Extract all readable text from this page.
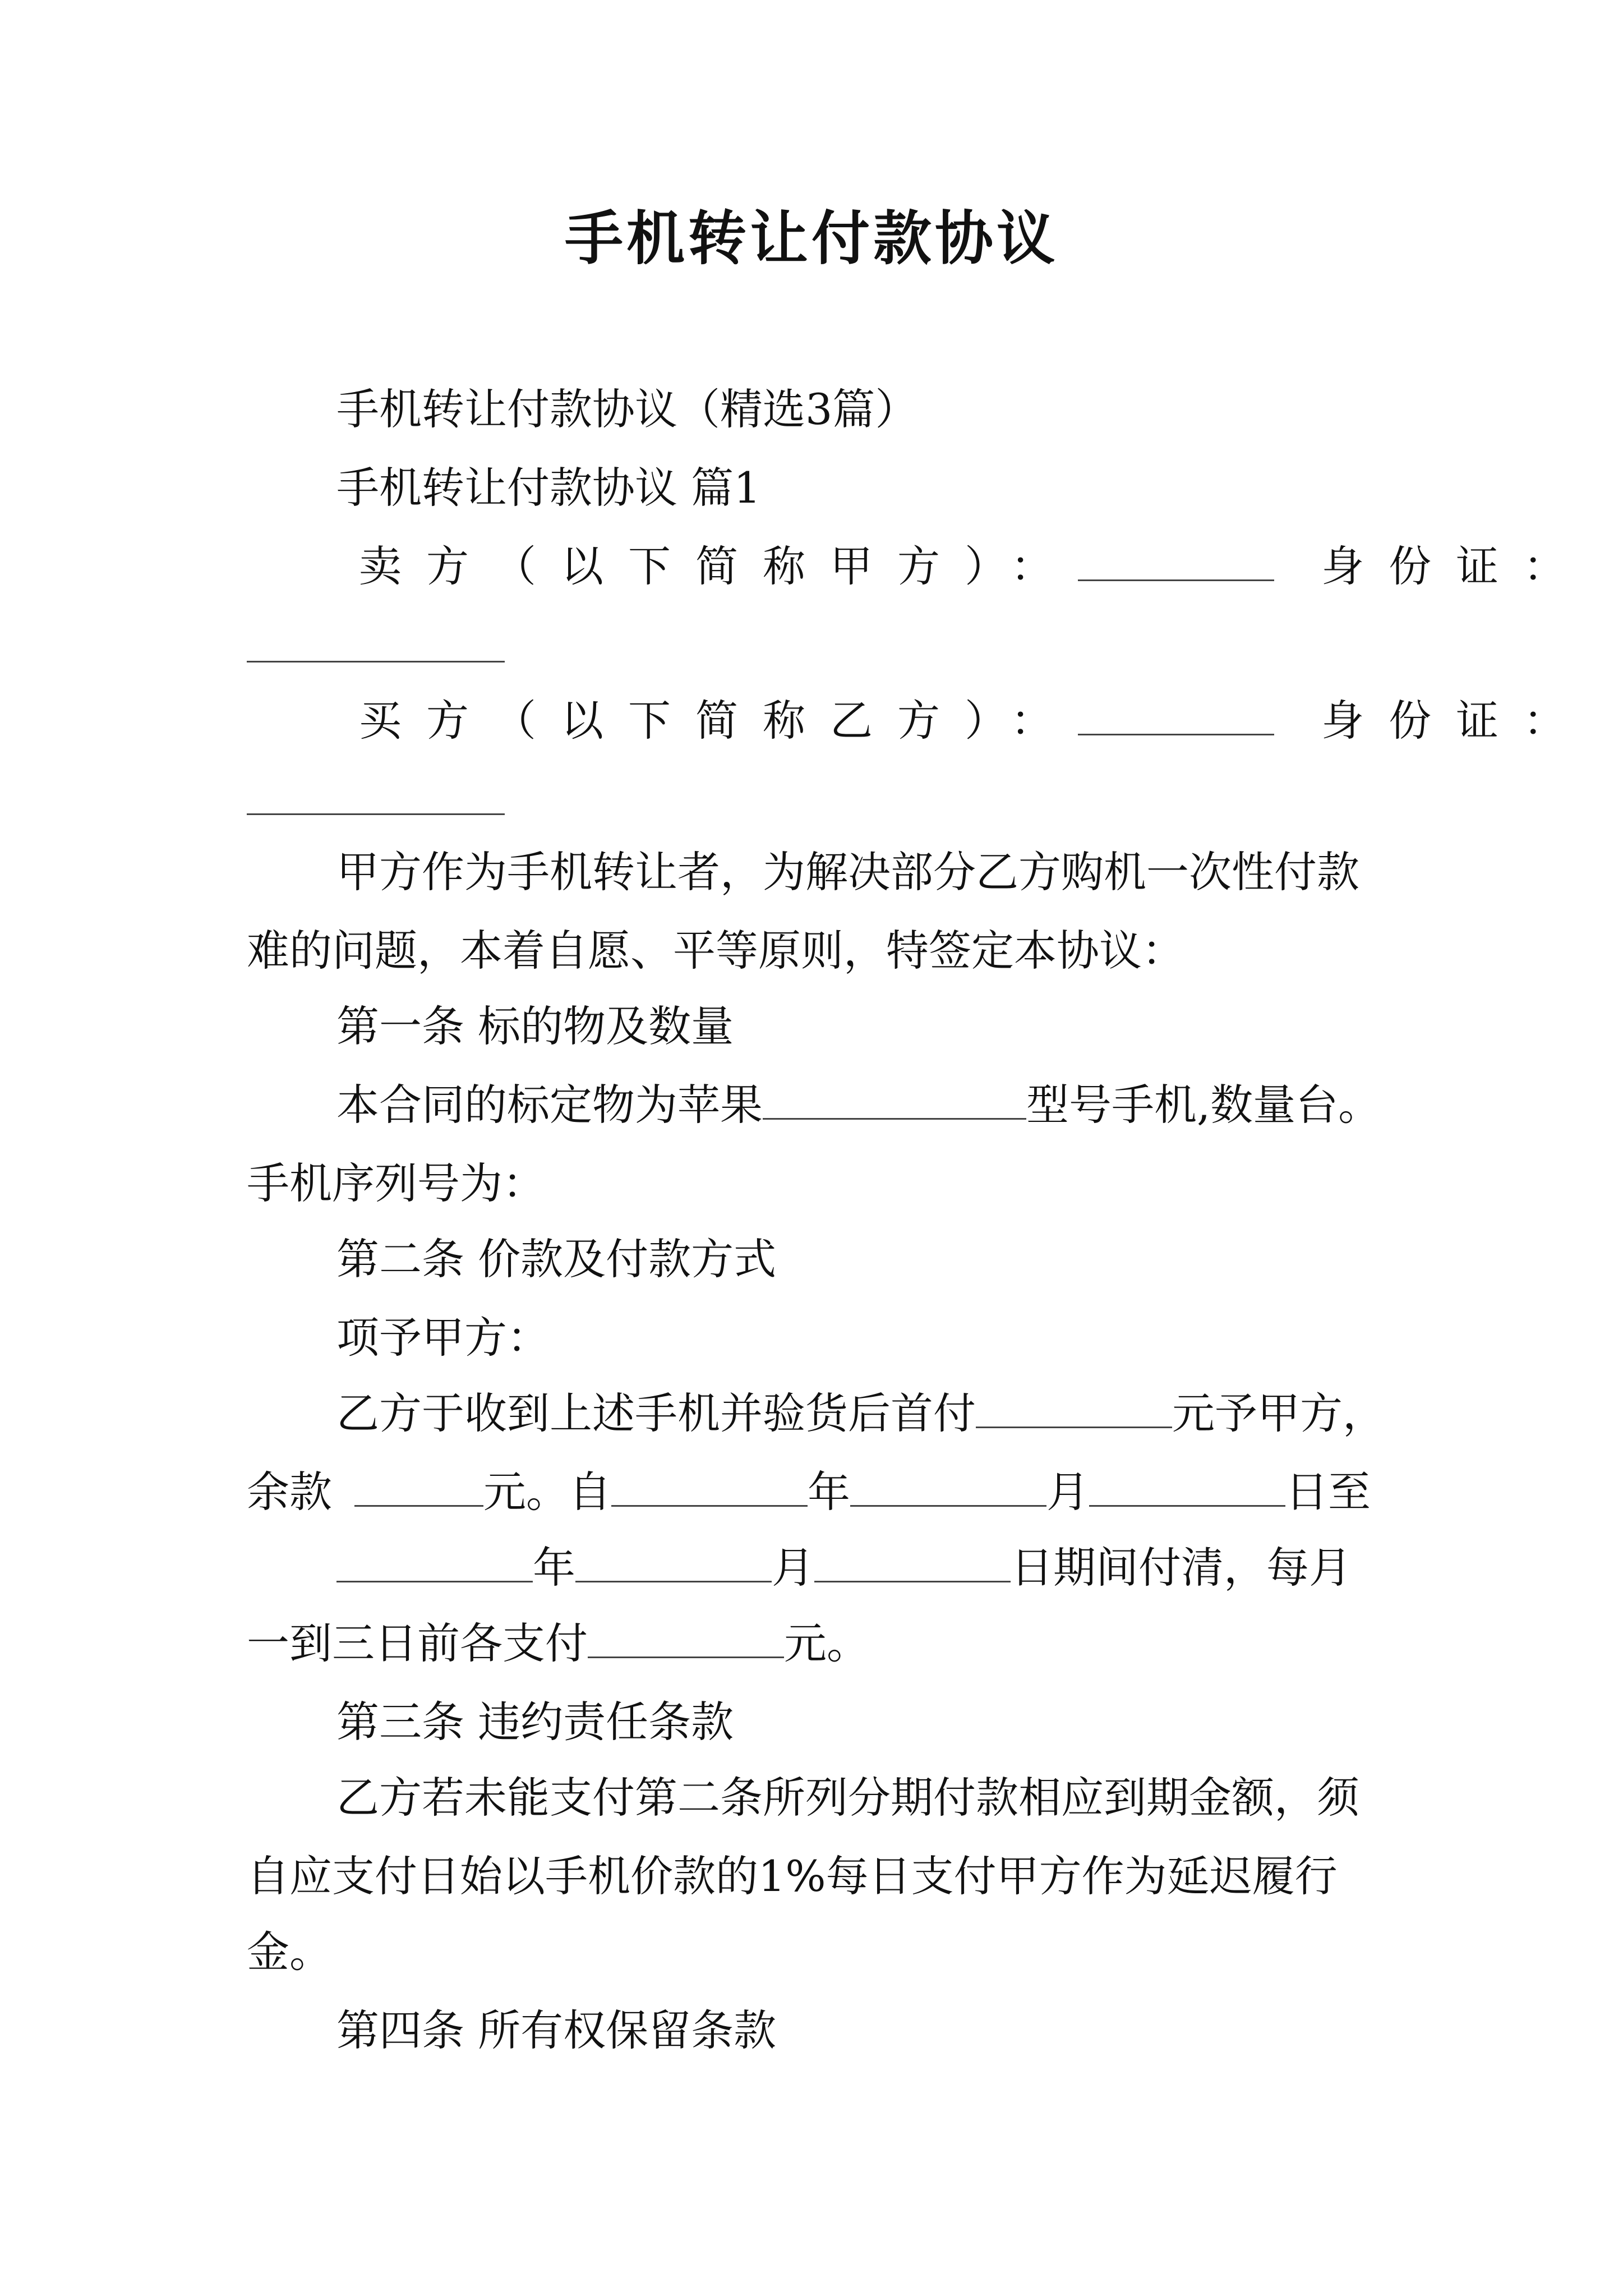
手机转让付款协议
手机转让付款协议（精选3篇）
手机转让付款协议 篇1
卖方（以下简称甲方）：	身份证：
买方（以下简称乙方）：	身份证：
甲方作为手机转让者，为解决部分乙方购机一次性付款
难的问题，本着自愿、平等原则，特签定本协议：
第一条 标的物及数量
本合同的标定物为苹果	型号手机,数量台。
手机序列号为：
第二条 价款及付款方式
项予甲方：
乙方于收到上述手机并验货后首付	元予甲方，
余款	元。自	年	月	日至
年	月	日期间付清，每月
一到三日前各支付	元。
第三条 违约责任条款
乙方若未能支付第二条所列分期付款相应到期金额，须
自应支付日始以手机价款的1%每日支付甲方作为延迟履行
金。
第四条 所有权保留条款
